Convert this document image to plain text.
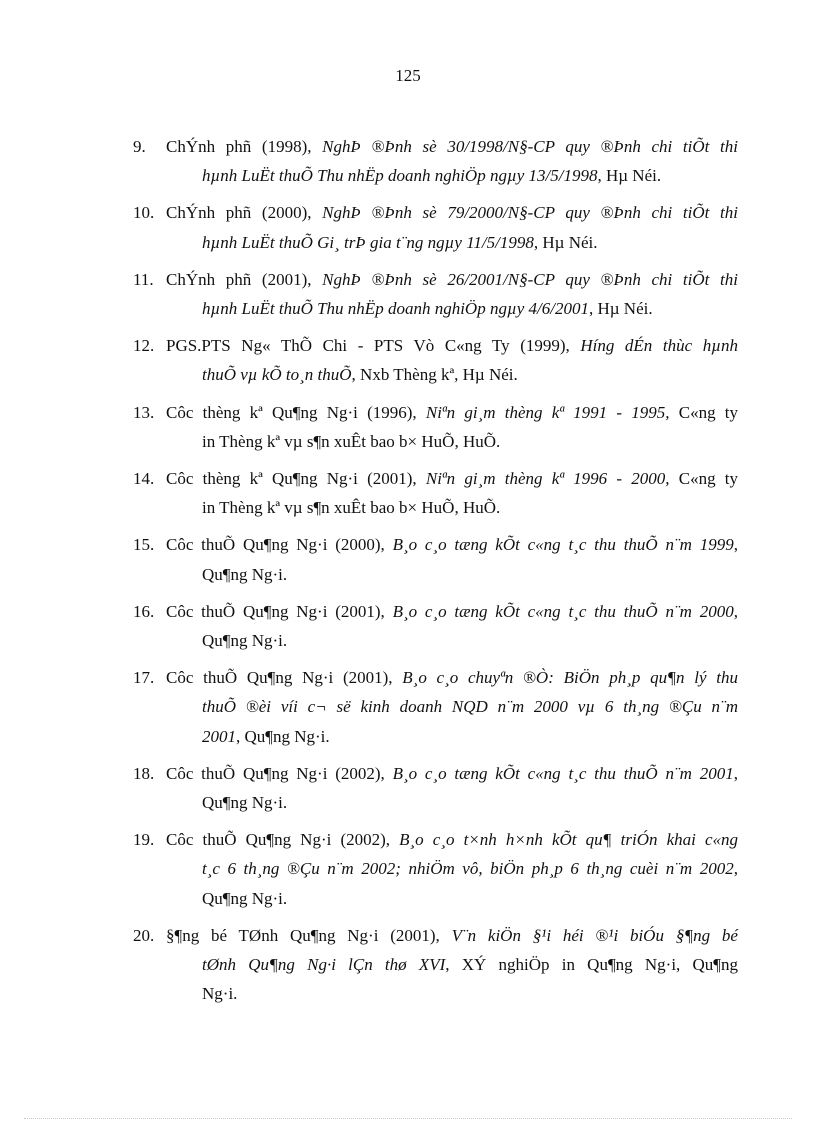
125
9. ChÝnh phñ (1998), NghÞ ®Þnh sè 30/1998/N§-CP quy ®Þnh chi tiÕt thi
hµnh LuËt thuÕ Thu nhËp doanh nghiÖp ngµy 13/5/1998, Hµ Néi.
10. ChÝnh phñ (2000), NghÞ ®Þnh sè 79/2000/N§-CP quy ®Þnh chi tiÕt thi
hµnh LuËt thuÕ Gi¸ trÞ gia t¨ng ngµy 11/5/1998, Hµ Néi.
11. ChÝnh phñ (2001), NghÞ ®Þnh sè 26/2001/N§-CP quy ®Þnh chi tiÕt thi
hµnh LuËt thuÕ Thu nhËp doanh nghiÖp ngµy 4/6/2001, Hµ Néi.
12. PGS.PTS Ng« ThÕ Chi - PTS Vò C«ng Ty (1999), Híng dÉn thùc hµnh
thuÕ vµ kÕ to¸n thuÕ, Nxb Thèng kª, Hµ Néi.
13. Côc thèng kª Qu¶ng Ng·i (1996), Niªn gi¸m thèng kª 1991 - 1995, C«ng ty
in Thèng kª vµ s¶n xuÊt bao b× HuÕ, HuÕ.
14. Côc thèng kª Qu¶ng Ng·i (2001), Niªn gi¸m thèng kª 1996 - 2000, C«ng ty
in Thèng kª vµ s¶n xuÊt bao b× HuÕ, HuÕ.
15. Côc thuÕ Qu¶ng Ng·i (2000), B¸o c¸o tæng kÕt c«ng t¸c thu thuÕ n¨m 1999,
Qu¶ng Ng·i.
16. Côc thuÕ Qu¶ng Ng·i (2001), B¸o c¸o tæng kÕt c«ng t¸c thu thuÕ n¨m 2000,
Qu¶ng Ng·i.
17. Côc thuÕ Qu¶ng Ng·i (2001), B¸o c¸o chuyªn ®Ò: BiÖn ph¸p qu¶n lý thu
thuÕ ®èi víi c¬ së kinh doanh NQD n¨m 2000 vµ 6 th¸ng ®Çu n¨m
2001, Qu¶ng Ng·i.
18. Côc thuÕ Qu¶ng Ng·i (2002), B¸o c¸o tæng kÕt c«ng t¸c thu thuÕ n¨m 2001,
Qu¶ng Ng·i.
19. Côc thuÕ Qu¶ng Ng·i (2002), B¸o c¸o t×nh h×nh kÕt qu¶ triÓn khai c«ng
t¸c 6 th¸ng ®Çu n¨m 2002; nhiÖm vô, biÖn ph¸p 6 th¸ng cuèi n¨m 2002,
Qu¶ng Ng·i.
20. §¶ng bé TØnh Qu¶ng Ng·i (2001), V¨n kiÖn §¹i héi ®¹i biÓu §¶ng bé
tØnh Qu¶ng Ng·i lÇn thø XVI, XÝ nghiÖp in Qu¶ng Ng·i, Qu¶ng
Ng·i.
